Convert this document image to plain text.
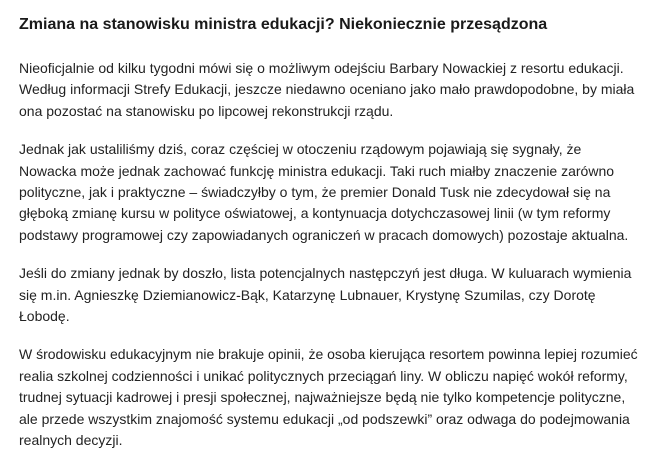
Zmiana na stanowisku ministra edukacji? Niekoniecznie przesądzona

Nieoficjalnie od kilku tygodni mówi się o możliwym odejściu Barbary Nowackiej z resortu edukacji. Według informacji Strefy Edukacji, jeszcze niedawno oceniano jako mało prawdopodobne, by miała ona pozostać na stanowisku po lipcowej rekonstrukcji rządu.

Jednak jak ustaliliśmy dziś, coraz częściej w otoczeniu rządowym pojawiają się sygnały, że Nowacka może jednak zachować funkcję ministra edukacji. Taki ruch miałby znaczenie zarówno polityczne, jak i praktyczne – świadczyłby o tym, że premier Donald Tusk nie zdecydował się na głęboką zmianę kursu w polityce oświatowej, a kontynuacja dotychczasowej linii (w tym reformy podstawy programowej czy zapowiadanych ograniczeń w pracach domowych) pozostaje aktualna.

Jeśli do zmiany jednak by doszło, lista potencjalnych następczyń jest długa. W kuluarach wymienia się m.in. Agnieszkę Dziemianowicz-Bąk, Katarzynę Lubnauer, Krystynę Szumilas, czy Dorotę Łobodę.

W środowisku edukacyjnym nie brakuje opinii, że osoba kierująca resortem powinna lepiej rozumieć realia szkolnej codzienności i unikać politycznych przeciągań liny. W obliczu napięć wokół reformy, trudnej sytuacji kadrowej i presji społecznej, najważniejsze będą nie tylko kompetencje polityczne, ale przede wszystkim znajomość systemu edukacji „od podszewki” oraz odwaga do podejmowania realnych decyzji.
